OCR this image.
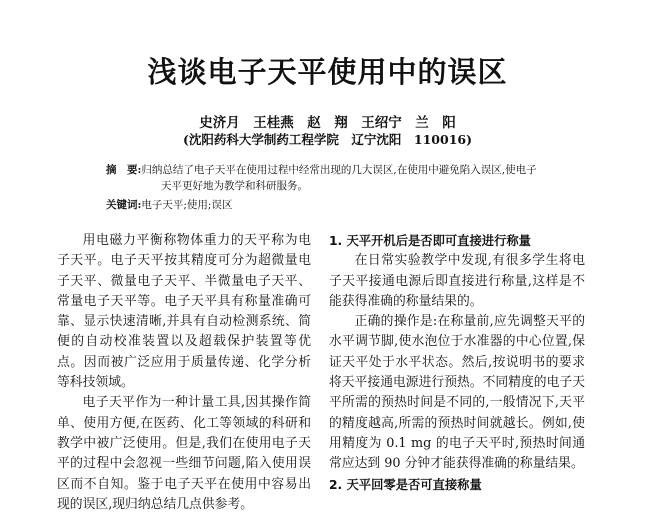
浅谈电子天平使用中的误区

史济月　王桂燕　赵　翔　王绍宁　兰　阳

(沈阳药科大学制药工程学院　辽宁沈阳　110016)

摘　要:归纳总结了电子天平在使用过程中经常出现的几大误区,在使用中避免陷入误区,使电子
天平更好地为教学和科研服务。
关键词:电子天平;使用;误区

用电磁力平衡称物体重力的天平称为电子天平。电子天平按其精度可分为超微量电子天平、微量电子天平、半微量电子天平、常量电子天平等。电子天平具有称量准确可靠、显示快速清晰,并具有自动检测系统、简便的自动校准装置以及超载保护装置等优点。因而被广泛应用于质量传递、化学分析等科技领域。

电子天平作为一种计量工具,因其操作简单、使用方便,在医药、化工等领域的科研和教学中被广泛使用。但是,我们在使用电子天平的过程中会忽视一些细节问题,陷入使用误区而不自知。鉴于电子天平在使用中容易出现的误区,现归纳总结几点供参考。

1. 天平开机后是否即可直接进行称量

在日常实验教学中发现,有很多学生将电子天平接通电源后即直接进行称量,这样是不能获得准确的称量结果的。

正确的操作是:在称量前,应先调整天平的水平调节脚,使水泡位于水准器的中心位置,保证天平处于水平状态。然后,按说明书的要求将天平接通电源进行预热。不同精度的电子天平所需的预热时间是不同的,一般情况下,天平的精度越高,所需的预热时间就越长。例如,使用精度为 0.1 mg 的电子天平时,预热时间通常应达到 90 分钟才能获得准确的称量结果。

2. 天平回零是否可直接称量
